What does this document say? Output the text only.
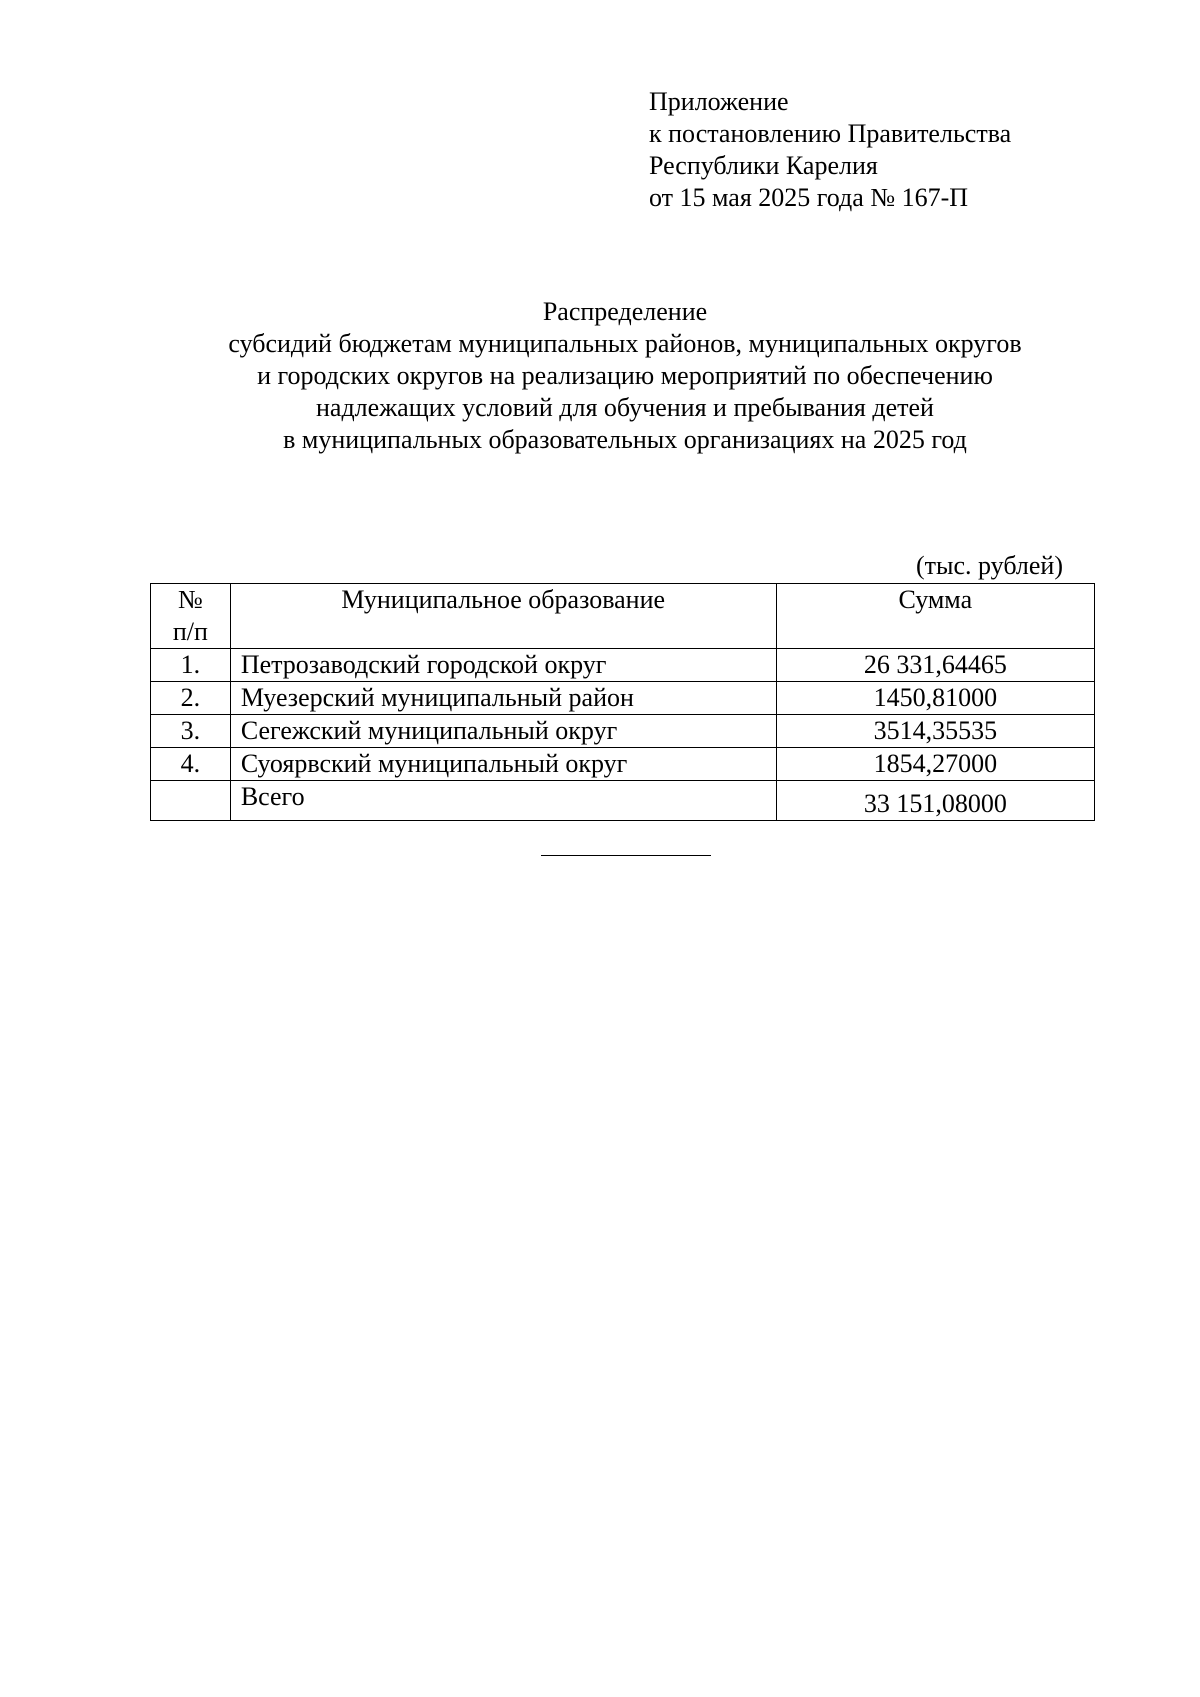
Приложение
к постановлению Правительства
Республики Карелия
от 15 мая 2025 года № 167-П
Распределение
субсидий бюджетам муниципальных районов, муниципальных округов
и городских округов на реализацию мероприятий по обеспечению
надлежащих условий для обучения и пребывания детей
в муниципальных образовательных организациях на 2025 год
(тыс. рублей)
№
п/п	Муниципальное образование	Сумма
1.	Петрозаводский городской округ	26 331,64465
2.	Муезерский муниципальный район	1450,81000
3.	Сегежский муниципальный округ	3514,35535
4.	Суоярвский муниципальный округ	1854,27000
	Всего	33 151,08000
